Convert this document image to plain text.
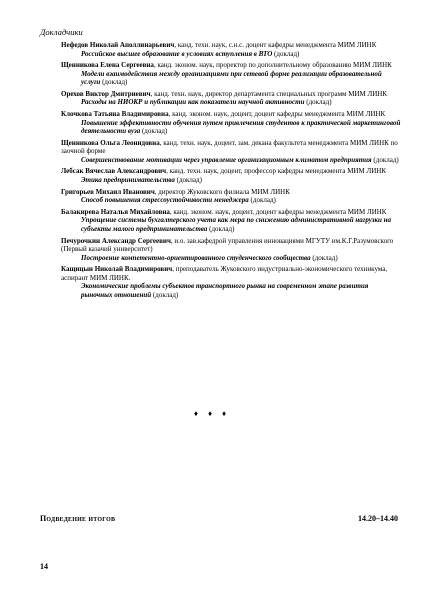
Докладчики
Нефедов Николай Аполлинарьевич, канд. техн. наук, с.н.с. доцент кафедры менеджмента МИМ ЛИНК
Российское высшее образование в условиях вступления в ВТО (доклад)
Щенникова Елена Сергеевна, канд. эконом. наук, проректор по дополнительному образованию МИМ ЛИНК
Модели взаимодействия между организациями при сетевой форме реализации образовательной услуги (доклад)
Орехов Виктор Дмитриевич, канд. техн. наук, директор департамента специальных программ МИМ ЛИНК
Расходы на НИОКР и публикации как показатели научной активности (доклад)
Клочкова Татьяна Владимировна, канд. эконом. наук, доцент, доцент кафедры менеджмента МИМ ЛИНК
Повышение эффективности обучения путем привлечения студентов к практической маркетинговой деятельности вуза (доклад)
Щенникова Ольга Леонидовна, канд. техн. наук, доцент, зам. декана факультета менеджмента МИМ ЛИНК по заочной форме
Совершенствование мотивации через управление организационным климатом предприятия (доклад)
Лебсак Вячеслав Александрович, канд. техн. наук, доцент, профессор кафедры менеджмента МИМ ЛИНК
Этика предпринимательства (доклад)
Григорьев Михаил Иванович, директор Жуковского филиала МИМ ЛИНК
Способ повышения стрессоустойчивости менеджера (доклад)
Балакирева Наталья Михайловна, канд. эконом. наук, доцент, доцент кафедры менеджмента МИМ ЛИНК
Упрощение системы бухгалтерского учета как мера по снижению административной нагрузки на субъекты малого предпринимательства (доклад)
Печурочкин Александр Сергеевич, и.о. зав.кафедрой управления инновациями МГУТУ им.К.Г.Разумовского (Первый казачий университет)
Построение компетентно-ориентированного студенческого сообщества (доклад)
Кащицын Николай Владимирович, преподаватель Жуковского индустриально-экономического техникума, аспирант МИМ ЛИНК.
Экономические проблемы субъектов транспортного рынка на современном этапе развития рыночных отношений (доклад)
♦ ♦ ♦
Подведение итогов	14.20–14.40
14
